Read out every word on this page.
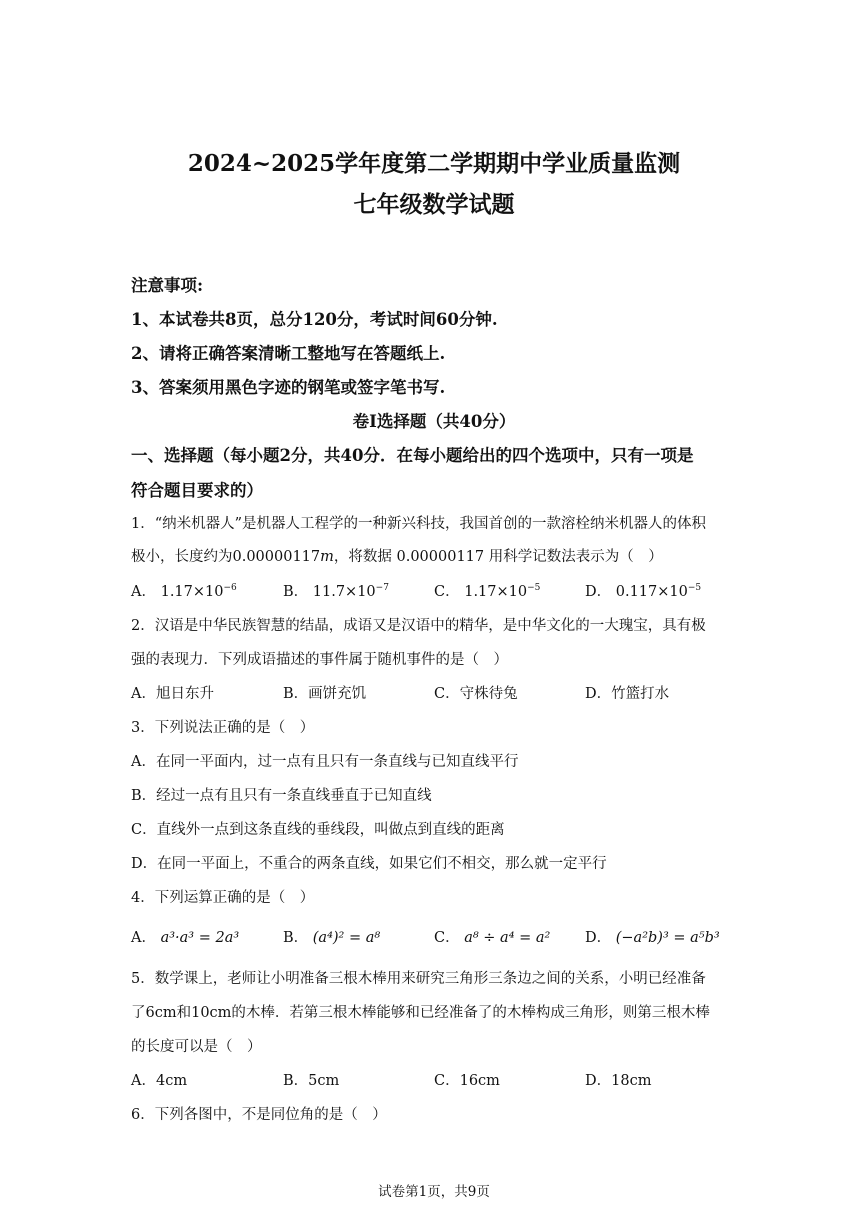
2024~2025学年度第二学期期中学业质量监测
七年级数学试题
注意事项:
1、本试卷共8页，总分120分，考试时间60分钟.
2、请将正确答案清晰工整地写在答题纸上.
3、答案须用黑色字迹的钢笔或签字笔书写.
卷Ⅰ选择题（共40分）
一、选择题（每小题2分，共40分．在每小题给出的四个选项中，只有一项是
符合题目要求的）
1．“纳米机器人”是机器人工程学的一种新兴科技，我国首创的一款溶栓纳米机器人的体积
极小，长度约为0.00000117m，将数据 0.00000117 用科学记数法表示为（　）
A． $1.17\times 10^{-6}$	B． $11.7\times 10^{-7}$	C． $1.17\times 10^{-5}$	D． $0.117\times 10^{-5}$
2．汉语是中华民族智慧的结晶，成语又是汉语中的精华，是中华文化的一大瑰宝，具有极
强的表现力．下列成语描述的事件属于随机事件的是（　）
A．旭日东升	B．画饼充饥	C．守株待兔	D．竹篮打水
3．下列说法正确的是（　）
A．在同一平面内，过一点有且只有一条直线与已知直线平行
B．经过一点有且只有一条直线垂直于已知直线
C．直线外一点到这条直线的垂线段，叫做点到直线的距离
D．在同一平面上，不重合的两条直线，如果它们不相交，那么就一定平行
4．下列运算正确的是（　）
A． a³·a³ = 2a³	B． (a⁴)² = a⁸	C． a⁸ ÷ a⁴ = a² D． (−a²b)³ = a⁵b³
5．数学课上，老师让小明准备三根木棒用来研究三角形三条边之间的关系，小明已经准备
了6cm和10cm的木棒．若第三根木棒能够和已经准备了的木棒构成三角形，则第三根木棒
的长度可以是（　）
A．4cm	B．5cm	C．16cm	D．18cm
6．下列各图中，不是同位角的是（　）
试卷第1页，共9页
